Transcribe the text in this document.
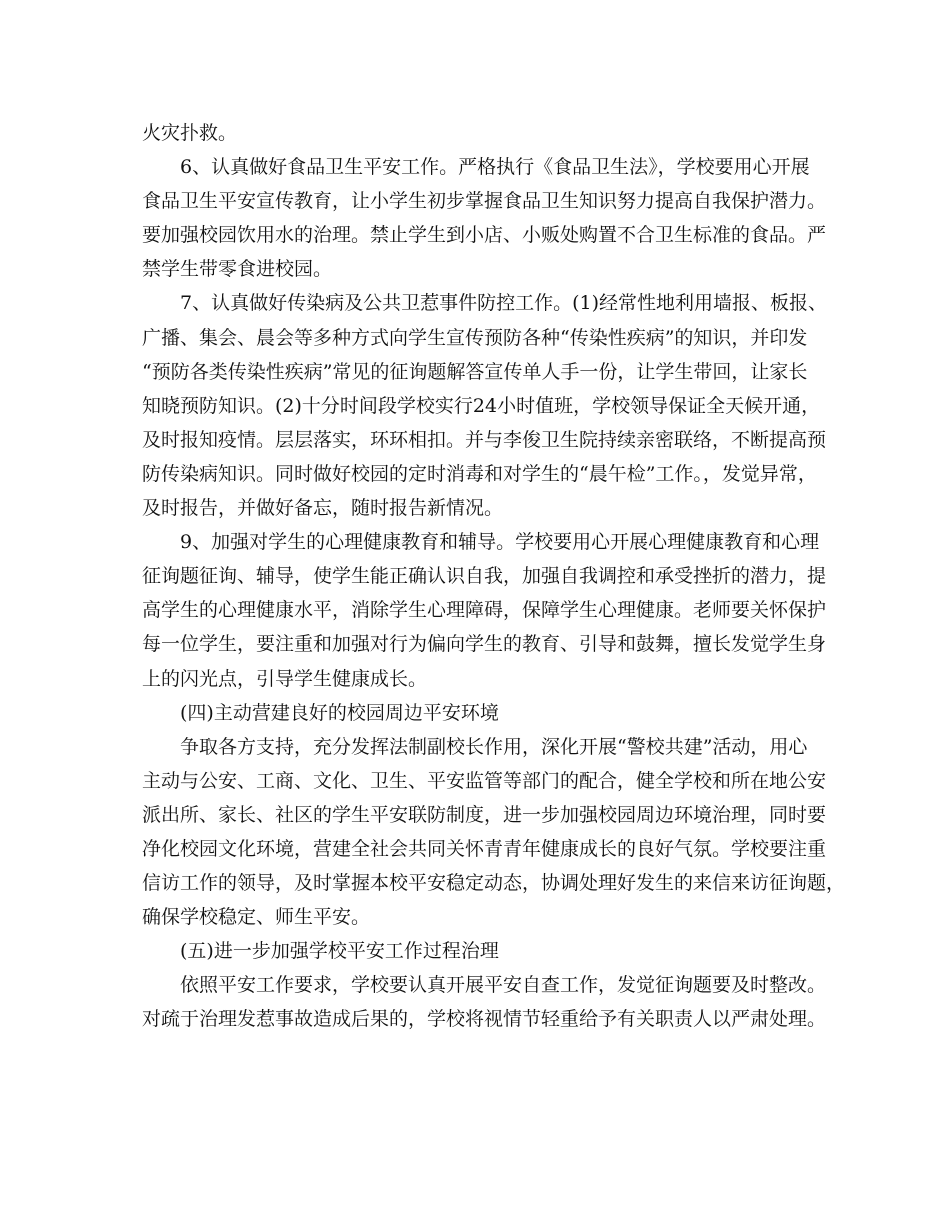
火灾扑救。
6、认真做好食品卫生平安工作。严格执行《食品卫生法》，学校要用心开展
食品卫生平安宣传教育，让小学生初步掌握食品卫生知识努力提高自我保护潜力。
要加强校园饮用水的治理。禁止学生到小店、小贩处购置不合卫生标准的食品。严
禁学生带零食进校园。
7、认真做好传染病及公共卫惹事件防控工作。(1)经常性地利用墙报、板报、
广播、集会、晨会等多种方式向学生宣传预防各种“传染性疾病”的知识，并印发
“预防各类传染性疾病”常见的征询题解答宣传单人手一份，让学生带回，让家长
知晓预防知识。(2)十分时间段学校实行24小时值班，学校领导保证全天候开通，
及时报知疫情。层层落实，环环相扣。并与李俊卫生院持续亲密联络，不断提高预
防传染病知识。同时做好校园的定时消毒和对学生的“晨午检”工作。，发觉异常，
及时报告，并做好备忘，随时报告新情况。
9、加强对学生的心理健康教育和辅导。学校要用心开展心理健康教育和心理
征询题征询、辅导，使学生能正确认识自我，加强自我调控和承受挫折的潜力，提
高学生的心理健康水平，消除学生心理障碍，保障学生心理健康。老师要关怀保护
每一位学生，要注重和加强对行为偏向学生的教育、引导和鼓舞，擅长发觉学生身
上的闪光点，引导学生健康成长。
(四)主动营建良好的校园周边平安环境
争取各方支持，充分发挥法制副校长作用，深化开展“警校共建”活动，用心
主动与公安、工商、文化、卫生、平安监管等部门的配合，健全学校和所在地公安
派出所、家长、社区的学生平安联防制度，进一步加强校园周边环境治理，同时要
净化校园文化环境，营建全社会共同关怀青青年健康成长的良好气氛。学校要注重
信访工作的领导，及时掌握本校平安稳定动态，协调处理好发生的来信来访征询题，
确保学校稳定、师生平安。
(五)进一步加强学校平安工作过程治理
依照平安工作要求，学校要认真开展平安自查工作，发觉征询题要及时整改。
对疏于治理发惹事故造成后果的，学校将视情节轻重给予有关职责人以严肃处理。
